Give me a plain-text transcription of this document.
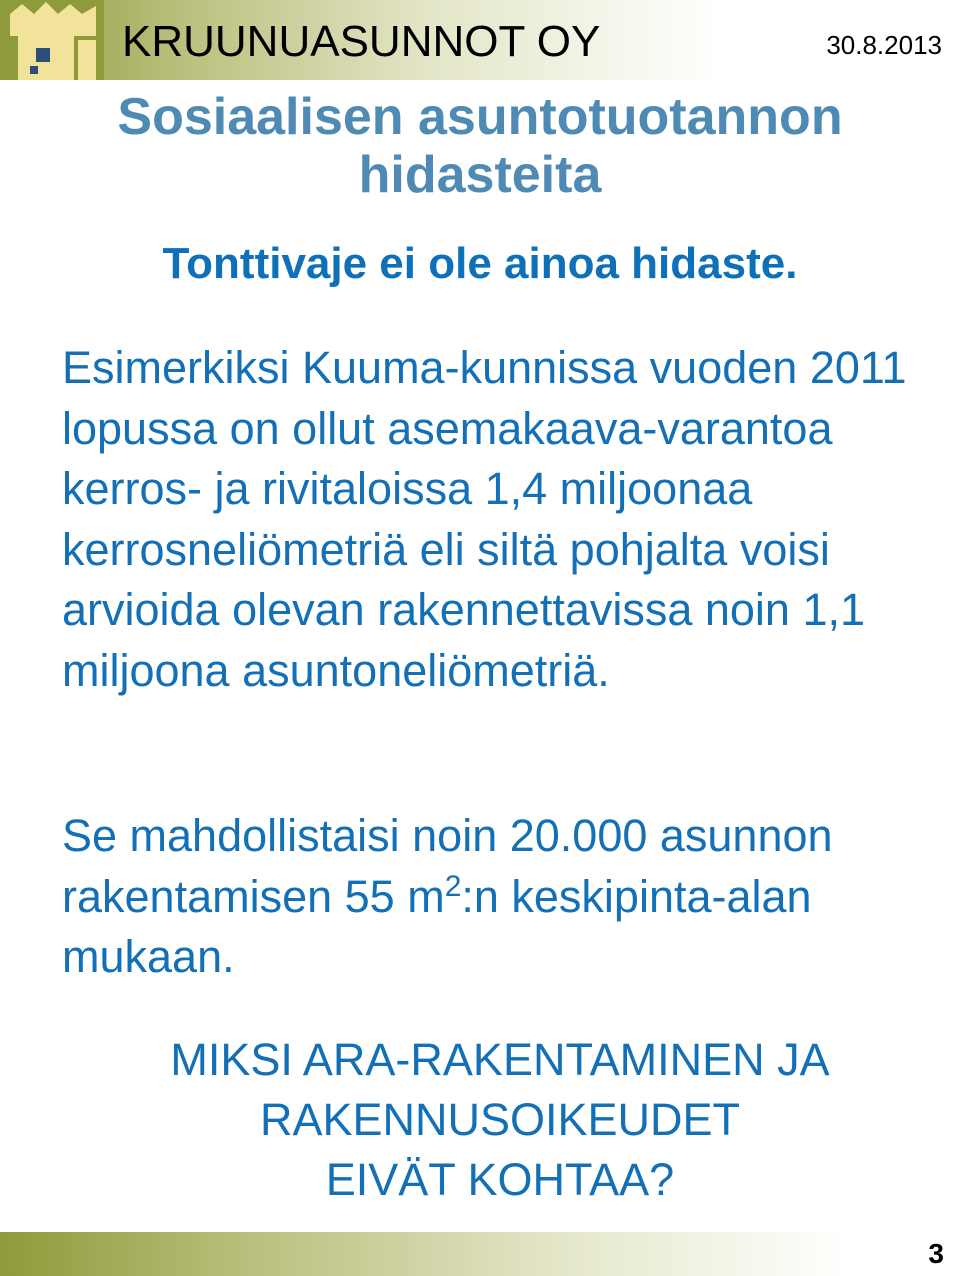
KRUUNUASUNNOT OY	30.8.2013
Sosiaalisen asuntotuotannon
hidasteita
Tonttivaje ei ole ainoa hidaste.

Esimerkiksi Kuuma-kunnissa vuoden 2011 lopussa on ollut asemakaava-varantoa kerros- ja rivitaloissa 1,4 miljoonaa kerrosneliömetriä eli siltä pohjalta voisi arvioida olevan rakennettavissa noin 1,1 miljoona asuntoneliömetriä.

Se mahdollistaisi noin 20.000 asunnon rakentamisen 55 $m^2:n$ keskipinta-alan mukaan.

MIKSI ARA-RAKENTAMINEN JA

RAKENNUSOIKEUDET

EIVÄT KOHTAA?

3
